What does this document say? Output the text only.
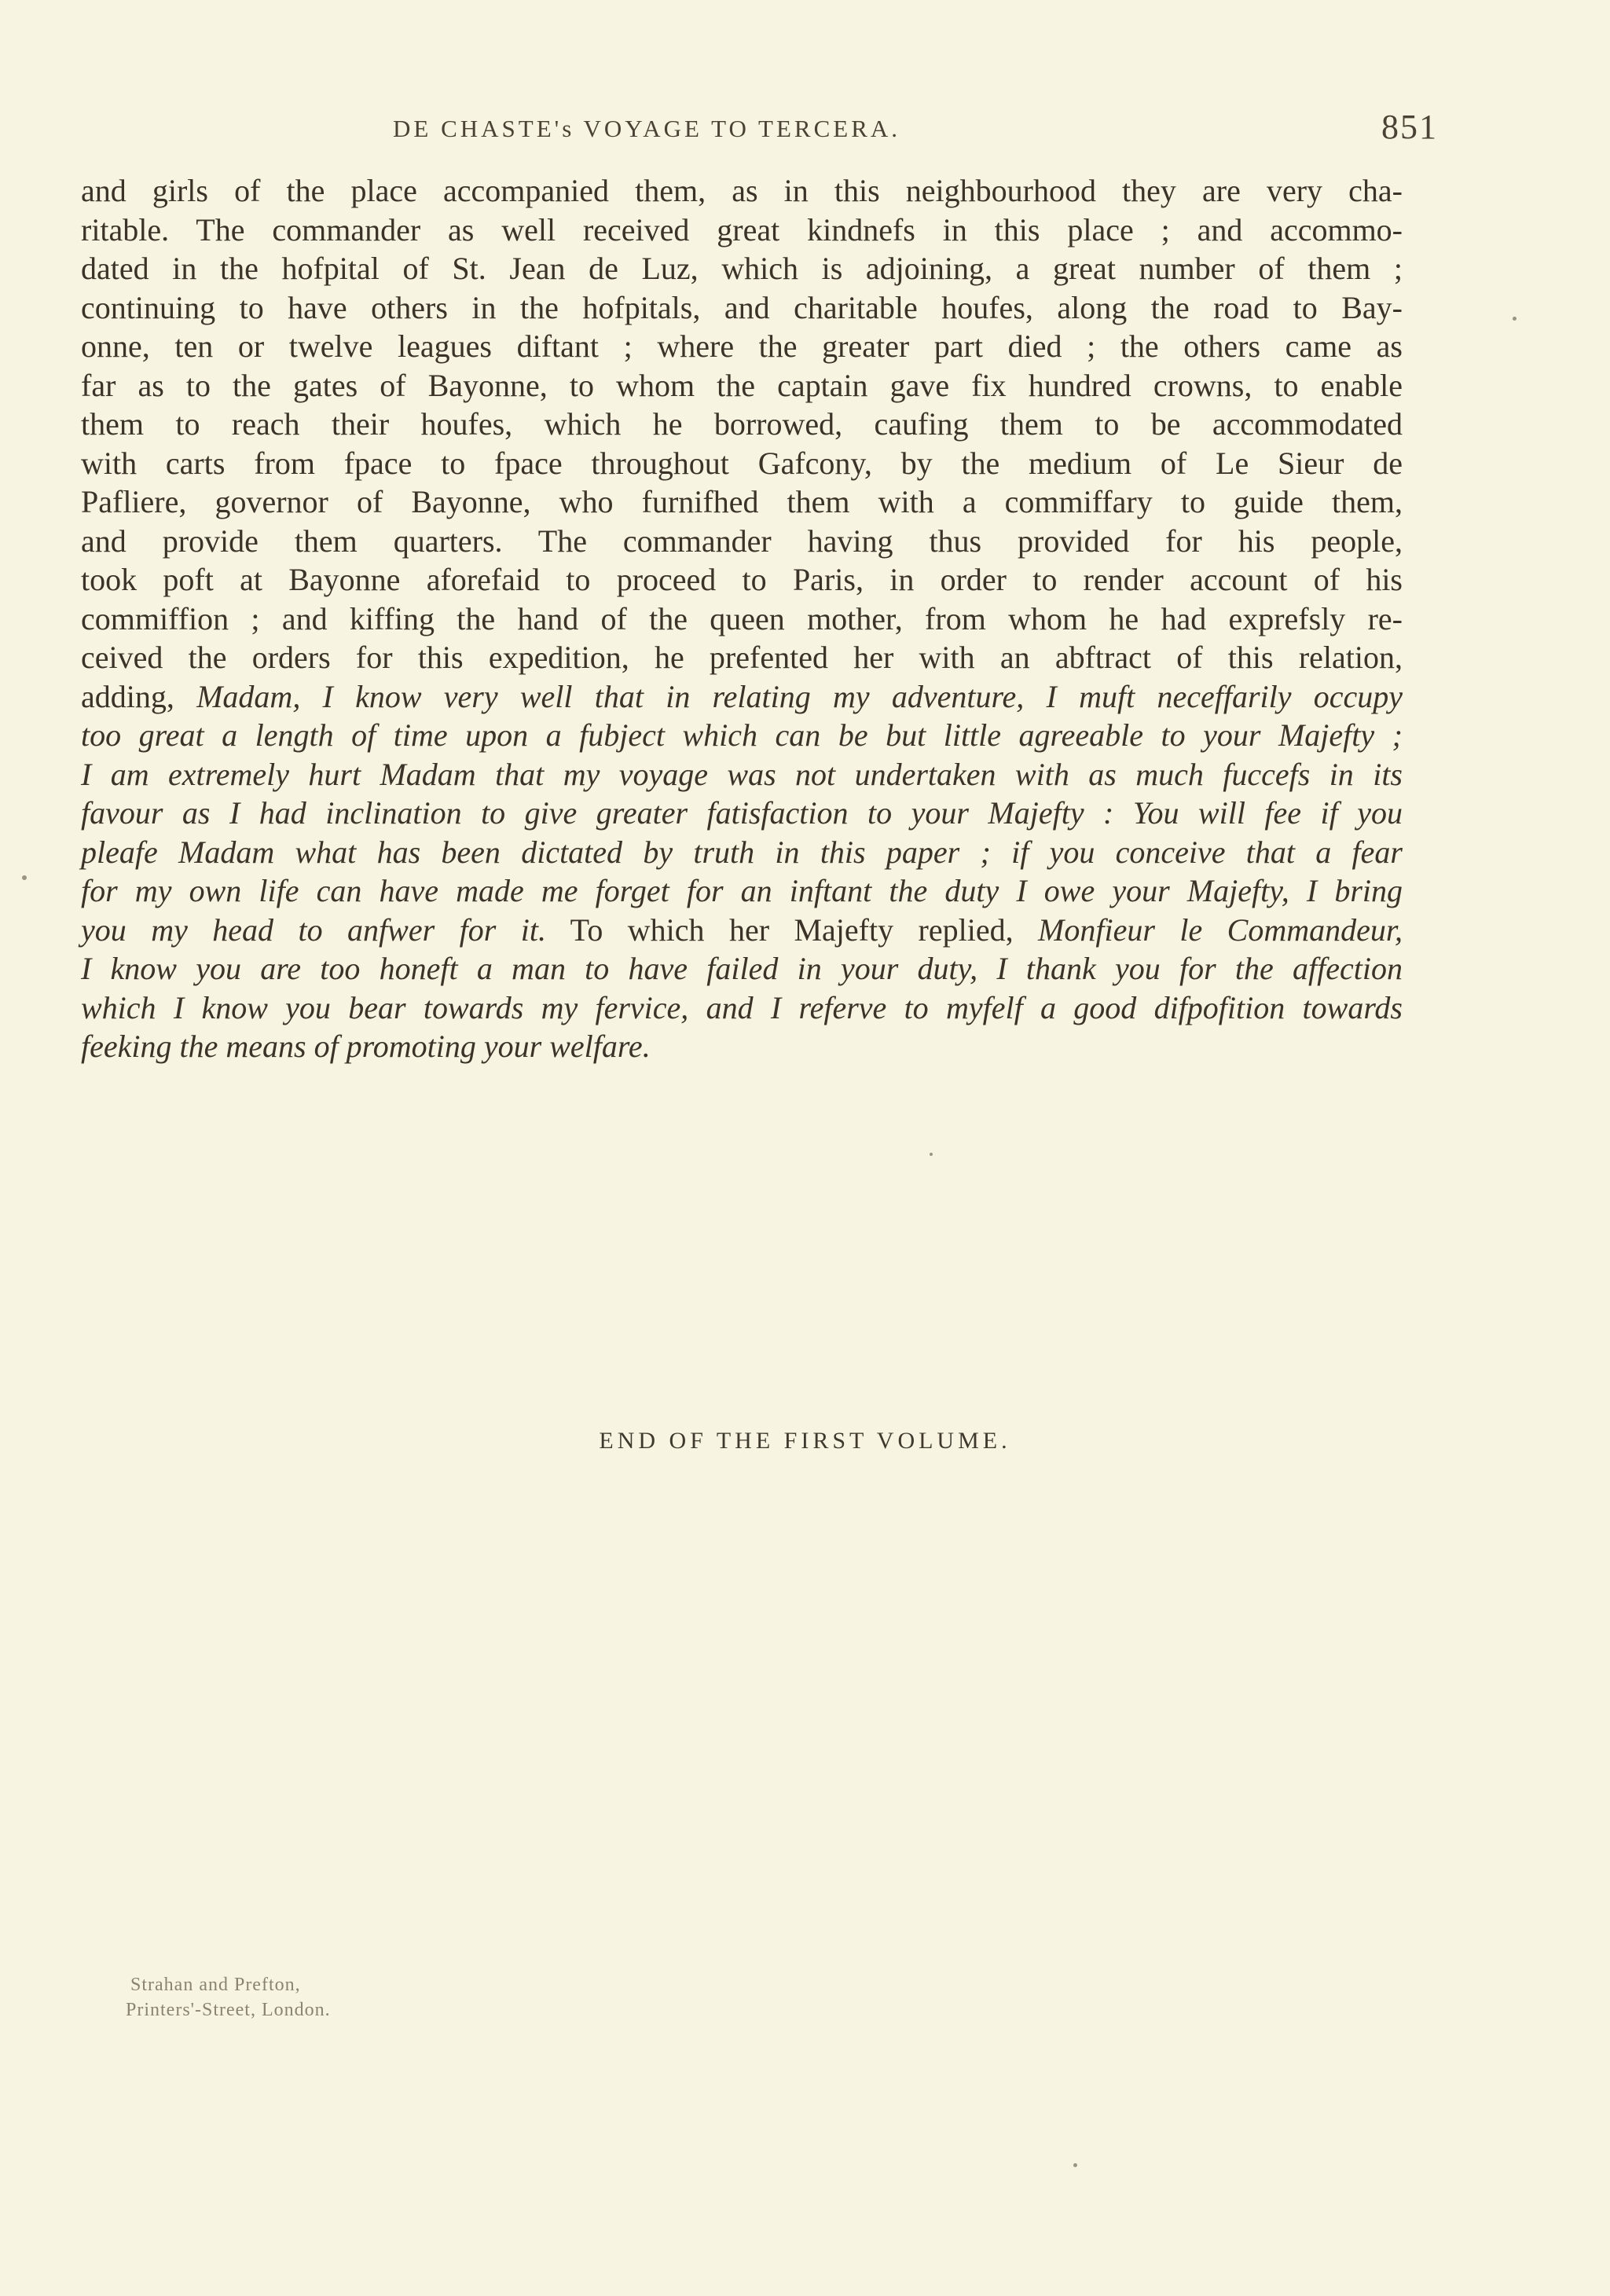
DE CHASTE's VOYAGE TO TERCERA.	851
and girls of the place accompanied them, as in this neighbourhood they are very cha-
ritable. The commander as well received great kindnefs in this place ; and accommo-
dated in the hofpital of St. Jean de Luz, which is adjoining, a great number of them ;
continuing to have others in the hofpitals, and charitable houfes, along the road to Bay-
onne, ten or twelve leagues diftant ; where the greater part died ; the others came as
far as to the gates of Bayonne, to whom the captain gave fix hundred crowns, to enable
them to reach their houfes, which he borrowed, caufing them to be accommodated
with carts from fpace to fpace throughout Gafcony, by the medium of Le Sieur de
Pafliere, governor of Bayonne, who furnifhed them with a commiffary to guide them,
and provide them quarters. The commander having thus provided for his people,
took poft at Bayonne aforefaid to proceed to Paris, in order to render account of his
commiffion ; and kiffing the hand of the queen mother, from whom he had exprefsly re-
ceived the orders for this expedition, he prefented her with an abftract of this relation,
adding, Madam, I know very well that in relating my adventure, I muft neceffarily occupy
too great a length of time upon a fubject which can be but little agreeable to your Majefty ;
I am extremely hurt Madam that my voyage was not undertaken with as much fuccefs in its
favour as I had inclination to give greater fatisfaction to your Majefty : You will fee if you
pleafe Madam what has been dictated by truth in this paper ; if you conceive that a fear
for my own life can have made me forget for an inftant the duty I owe your Majefty, I bring
you my head to anfwer for it. To which her Majefty replied, Monfieur le Commandeur,
I know you are too honeft a man to have failed in your duty, I thank you for the affection
which I know you bear towards my fervice, and I referve to myfelf a good difpofition towards
feeking the means of promoting your welfare.
END OF THE FIRST VOLUME.
Strahan and Prefton,
Printers'-Street, London.
